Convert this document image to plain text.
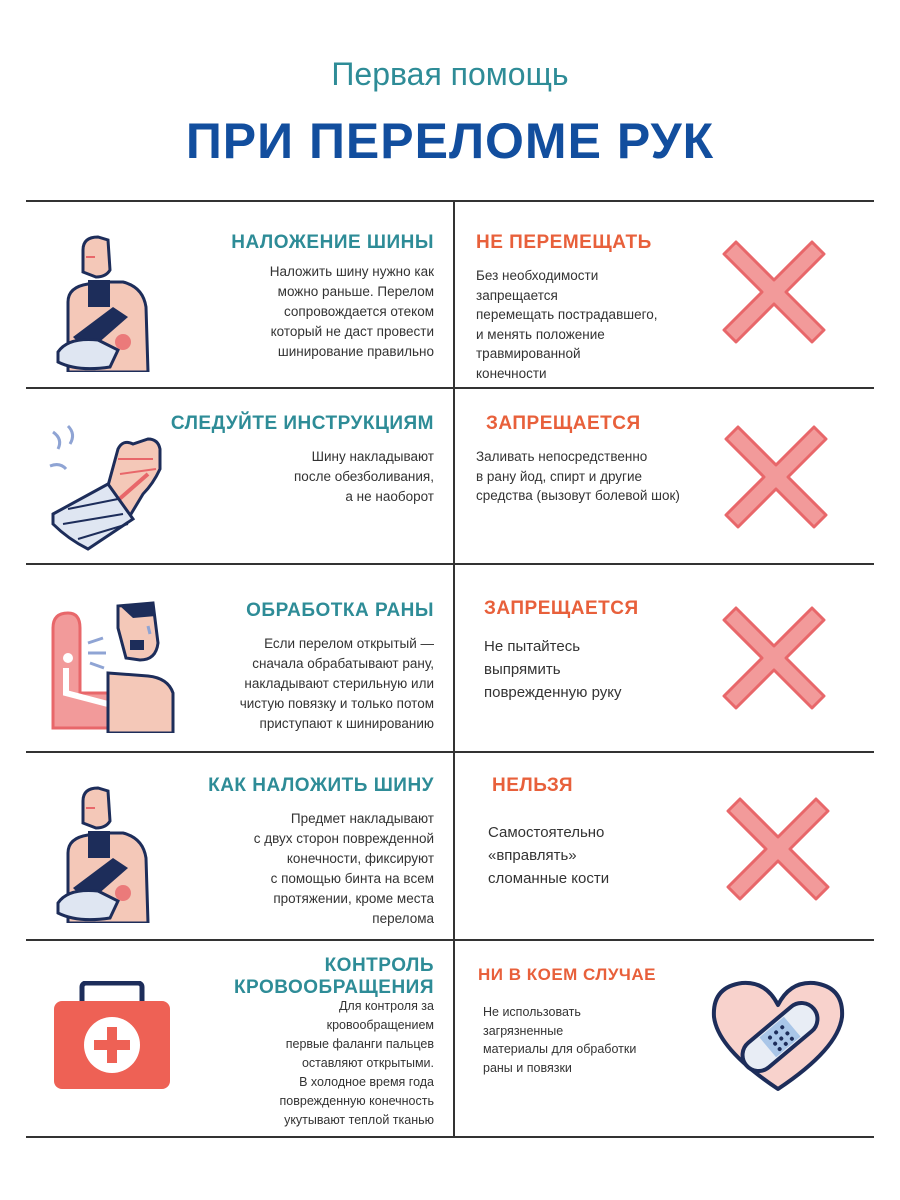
Первая помощь
ПРИ ПЕРЕЛОМЕ РУК
НАЛОЖЕНИЕ ШИНЫ
Наложить шину нужно как
можно раньше. Перелом
сопровождается отеком
который не даст провести
шинирование правильно
НЕ ПЕРЕМЕЩАТЬ
Без необходимости
запрещается
перемещать пострадавшего,
и менять положение
травмированной
конечности
СЛЕДУЙТЕ ИНСТРУКЦИЯМ
Шину накладывают
после обезболивания,
а не наоборот
ЗАПРЕЩАЕТСЯ
Заливать непосредственно
в рану йод, спирт и другие
средства (вызовут болевой шок)
ОБРАБОТКА РАНЫ
Если перелом открытый —
сначала обрабатывают рану,
накладывают стерильную или
чистую повязку и только потом
приступают к шинированию
ЗАПРЕЩАЕТСЯ
Не пытайтесь
выпрямить
поврежденную руку
КАК НАЛОЖИТЬ ШИНУ
Предмет накладывают
с двух сторон поврежденной
конечности, фиксируют
с помощью бинта на всем
протяжении, кроме места
перелома
НЕЛЬЗЯ
Самостоятельно
«вправлять»
сломанные кости
КОНТРОЛЬ
КРОВООБРАЩЕНИЯ
Для контроля за
кровообращением
первые фаланги пальцев
оставляют открытыми.
В холодное время года
поврежденную конечность
укутывают теплой тканью
НИ В КОЕМ СЛУЧАЕ
Не использовать
загрязненные
материалы для обработки
раны и повязки
